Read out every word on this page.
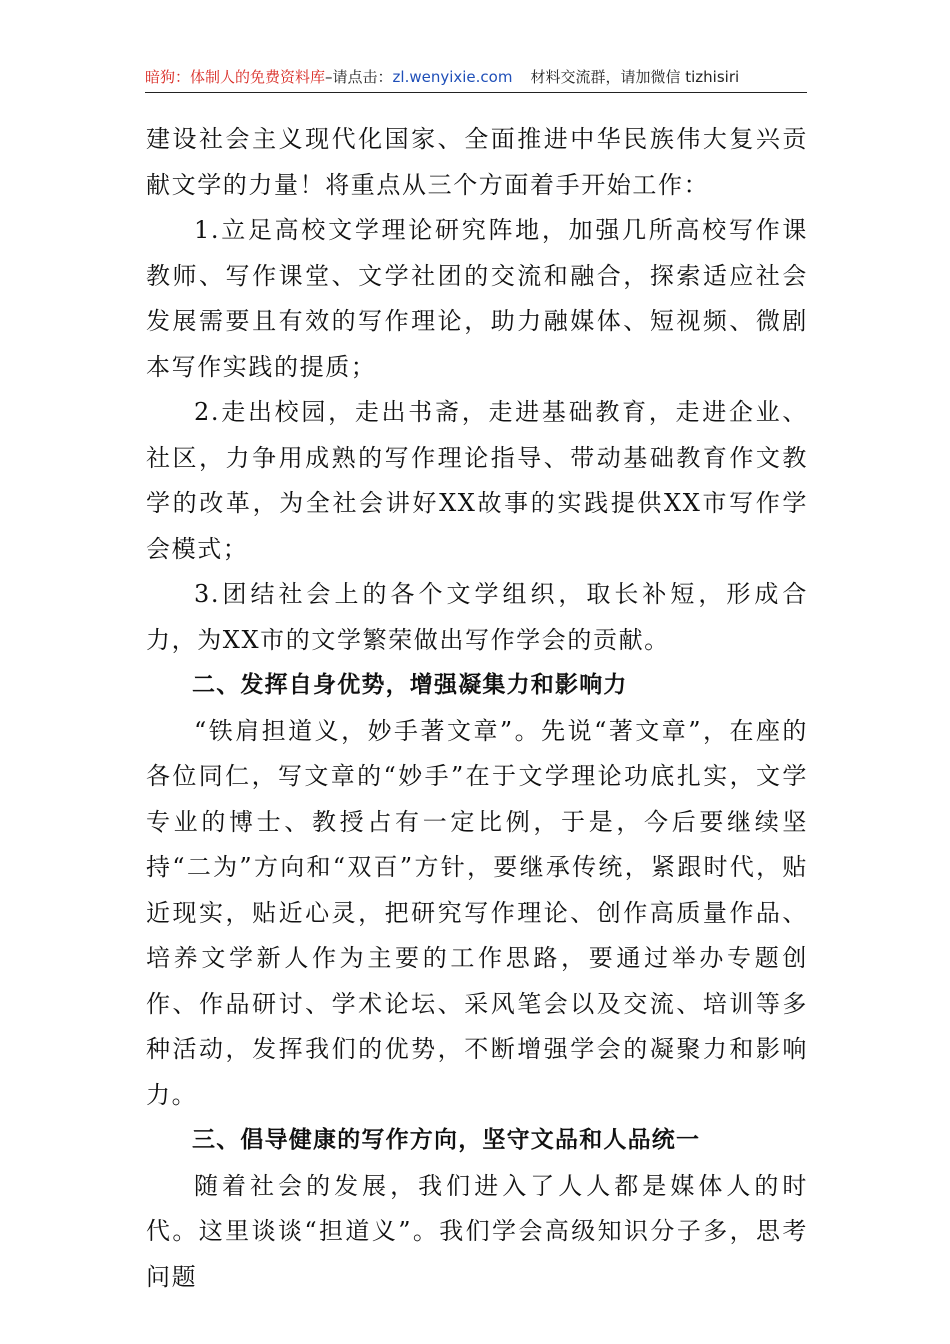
暗狗：体制人的免费资料库–请点击：zl.wenyixie.com 材料交流群，请加微信 tizhisiri

建设社会主义现代化国家、全面推进中华民族伟大复兴贡献文学的力量！将重点从三个方面着手开始工作：

1.立足高校文学理论研究阵地，加强几所高校写作课教师、写作课堂、文学社团的交流和融合，探索适应社会发展需要且有效的写作理论，助力融媒体、短视频、微剧本写作实践的提质；

2.走出校园，走出书斋，走进基础教育，走进企业、社区，力争用成熟的写作理论指导、带动基础教育作文教学的改革，为全社会讲好XX故事的实践提供XX市写作学会模式；

3.团结社会上的各个文学组织，取长补短，形成合力，为XX市的文学繁荣做出写作学会的贡献。

二、发挥自身优势，增强凝集力和影响力

“铁肩担道义，妙手著文章”。先说“著文章”，在座的各位同仁，写文章的“妙手”在于文学理论功底扎实，文学专业的博士、教授占有一定比例，于是，今后要继续坚持“二为”方向和“双百”方针，要继承传统，紧跟时代，贴近现实，贴近心灵，把研究写作理论、创作高质量作品、培养文学新人作为主要的工作思路，要通过举办专题创作、作品研讨、学术论坛、采风笔会以及交流、培训等多种活动，发挥我们的优势，不断增强学会的凝聚力和影响力。

三、倡导健康的写作方向，坚守文品和人品统一

随着社会的发展，我们进入了人人都是媒体人的时代。这里谈谈“担道义”。我们学会高级知识分子多，思考问题
